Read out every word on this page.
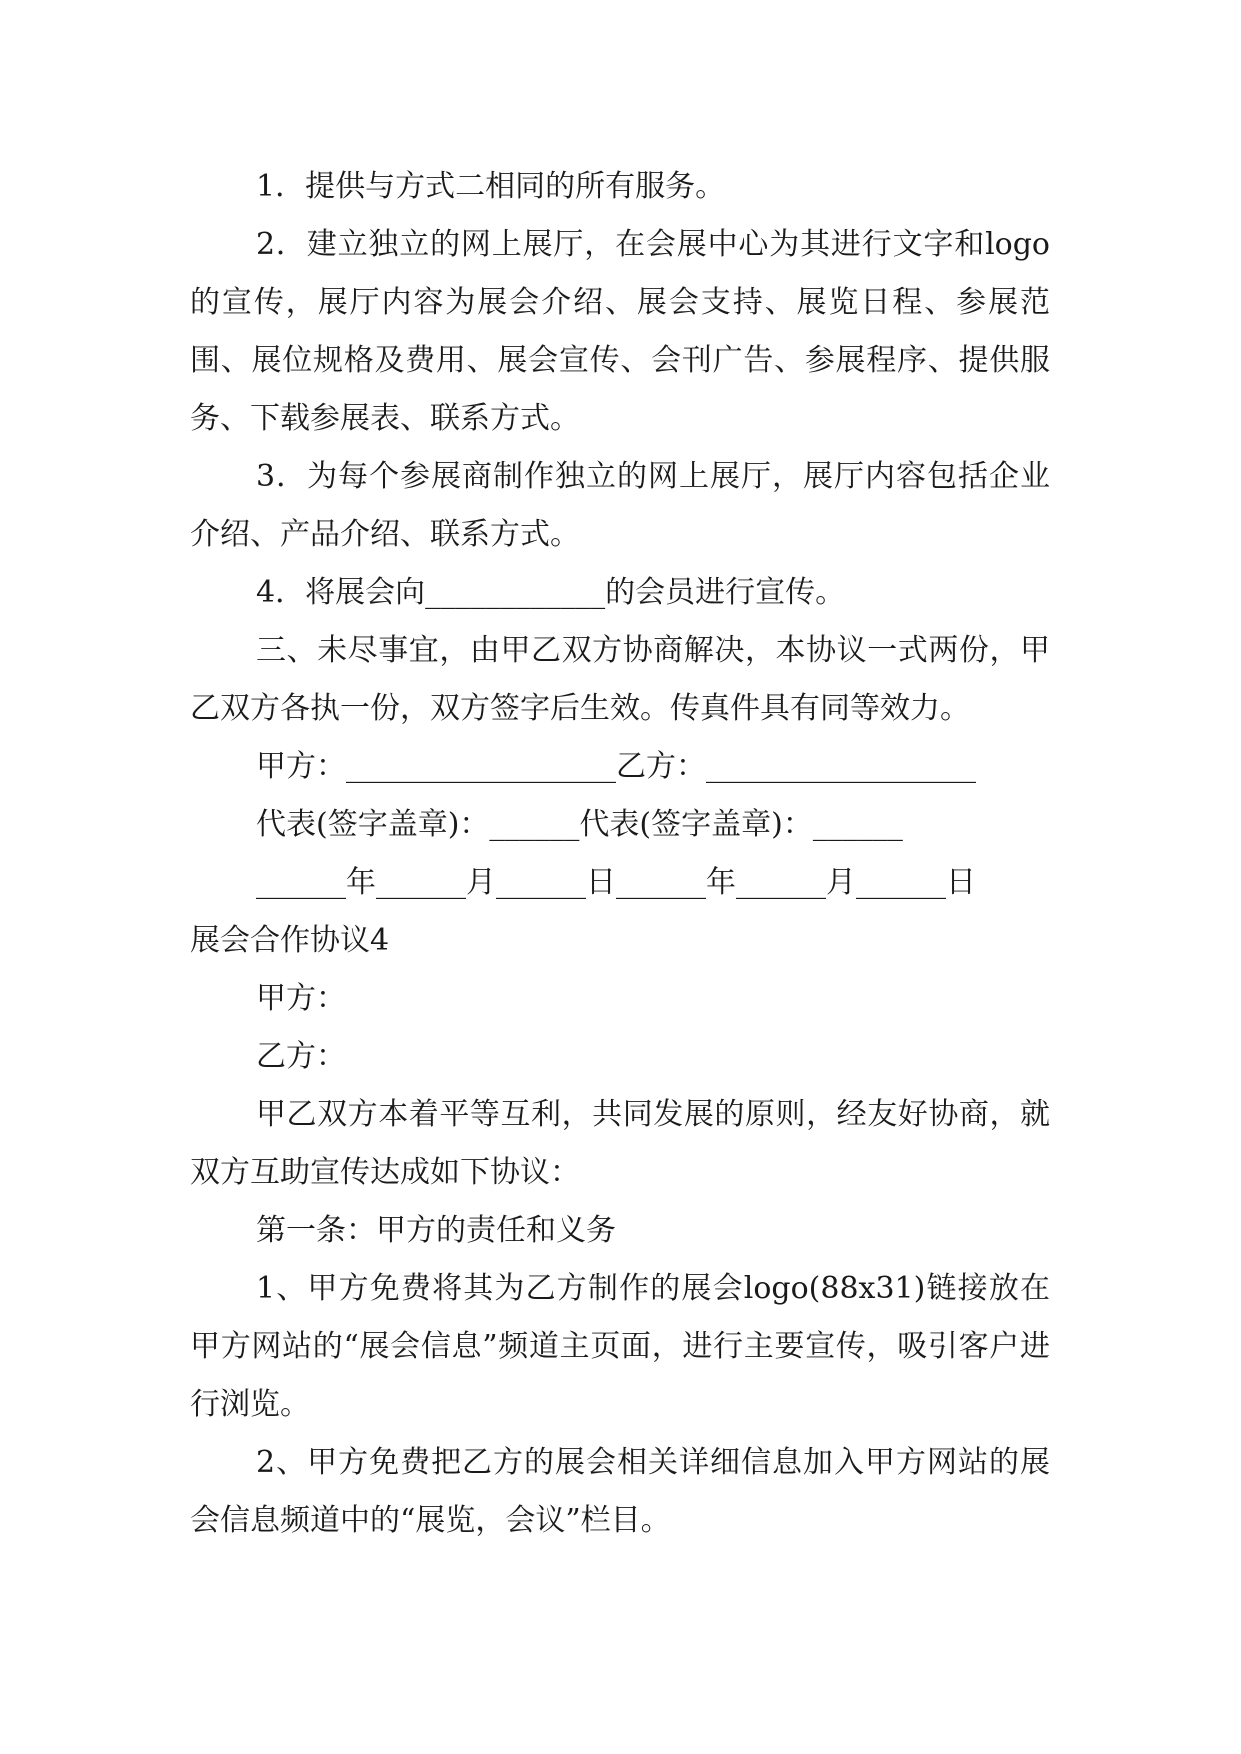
1．提供与方式二相同的所有服务。

2．建立独立的网上展厅，在会展中心为其进行文字和logo的宣传，展厅内容为展会介绍、展会支持、展览日程、参展范围、展位规格及费用、展会宣传、会刊广告、参展程序、提供服务、下载参展表、联系方式。

3．为每个参展商制作独立的网上展厅，展厅内容包括企业介绍、产品介绍、联系方式。

4．将展会向____________的会员进行宣传。

三、未尽事宜，由甲乙双方协商解决，本协议一式两份，甲乙双方各执一份，双方签字后生效。传真件具有同等效力。

甲方：__________________乙方：__________________

代表(签字盖章)：______代表(签字盖章)：______

______年______月______日______年______月______日

展会合作协议4

甲方：

乙方：

甲乙双方本着平等互利，共同发展的原则，经友好协商，就双方互助宣传达成如下协议：

第一条：甲方的责任和义务

1、甲方免费将其为乙方制作的展会logo(88x31)链接放在甲方网站的“展会信息”频道主页面，进行主要宣传，吸引客户进行浏览。

2、甲方免费把乙方的展会相关详细信息加入甲方网站的展会信息频道中的“展览，会议”栏目。
